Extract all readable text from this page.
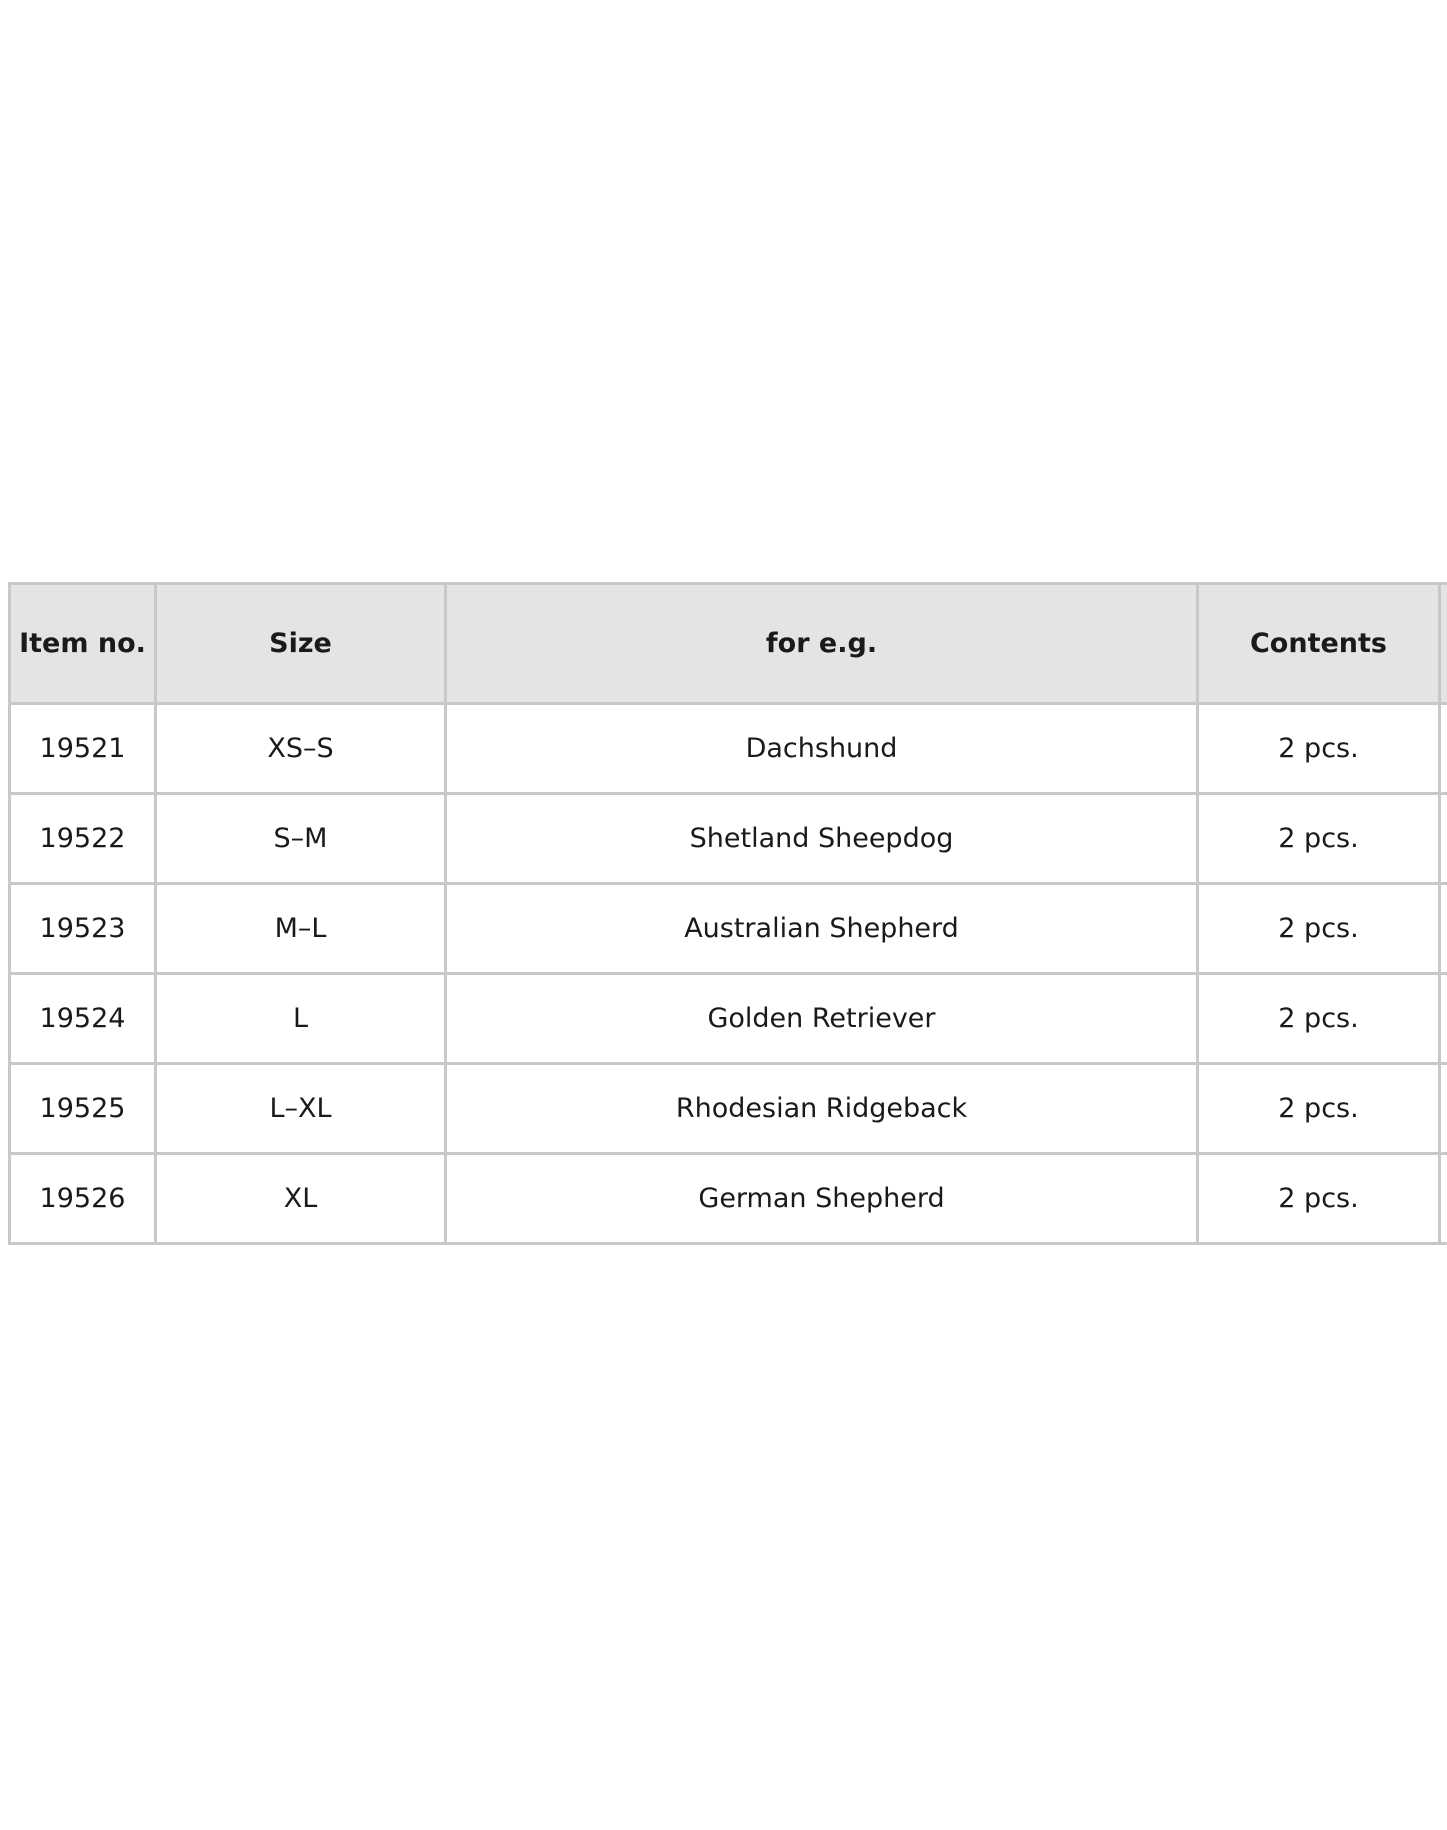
Item no.	Size	for e.g.	Contents	
19521	XS–S	Dachshund	2 pcs.	
19522	S–M	Shetland Sheepdog	2 pcs.	
19523	M–L	Australian Shepherd	2 pcs.	
19524	L	Golden Retriever	2 pcs.	
19525	L–XL	Rhodesian Ridgeback	2 pcs.	
19526	XL	German Shepherd	2 pcs.	
